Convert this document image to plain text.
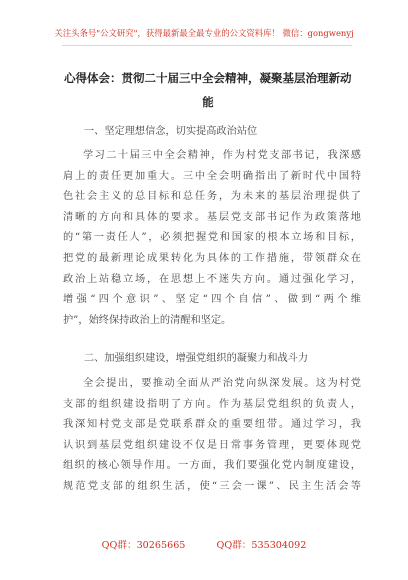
关注头条号"公文研究"，获得最新最全最专业的公文资料库！ 微信：gongwenyj
心得体会：贯彻二十届三中全会精神，凝聚基层治理新动
能
一、坚定理想信念，切实提高政治站位
学习二十届三中全会精神，作为村党支部书记，我深感
肩上的责任更加重大。三中全会明确指出了新时代中国特
色社会主义的总目标和总任务，为未来的基层治理提供了
清晰的方向和具体的要求。基层党支部书记作为政策落地
的“第一责任人”，必须把握党和国家的根本立场和目标，
把党的最新理论成果转化为具体的工作措施，带领群众在
政治上站稳立场，在思想上不迷失方向。通过强化学习，
增强“四个意识”、坚定“四个自信”、做到“两个维
护”，始终保持政治上的清醒和坚定。
二、加强组织建设，增强党组织的凝聚力和战斗力
全会提出，要推动全面从严治党向纵深发展。这为村党
支部的组织建设指明了方向。作为基层党组织的负责人，
我深知村党支部是党联系群众的重要纽带。通过学习，我
认识到基层党组织建设不仅是日常事务管理，更要体现党
组织的核心领导作用。一方面，我们要强化党内制度建设，
规范党支部的组织生活，使“三会一课”、民主生活会等
QQ群：30265665	QQ群：535304092
